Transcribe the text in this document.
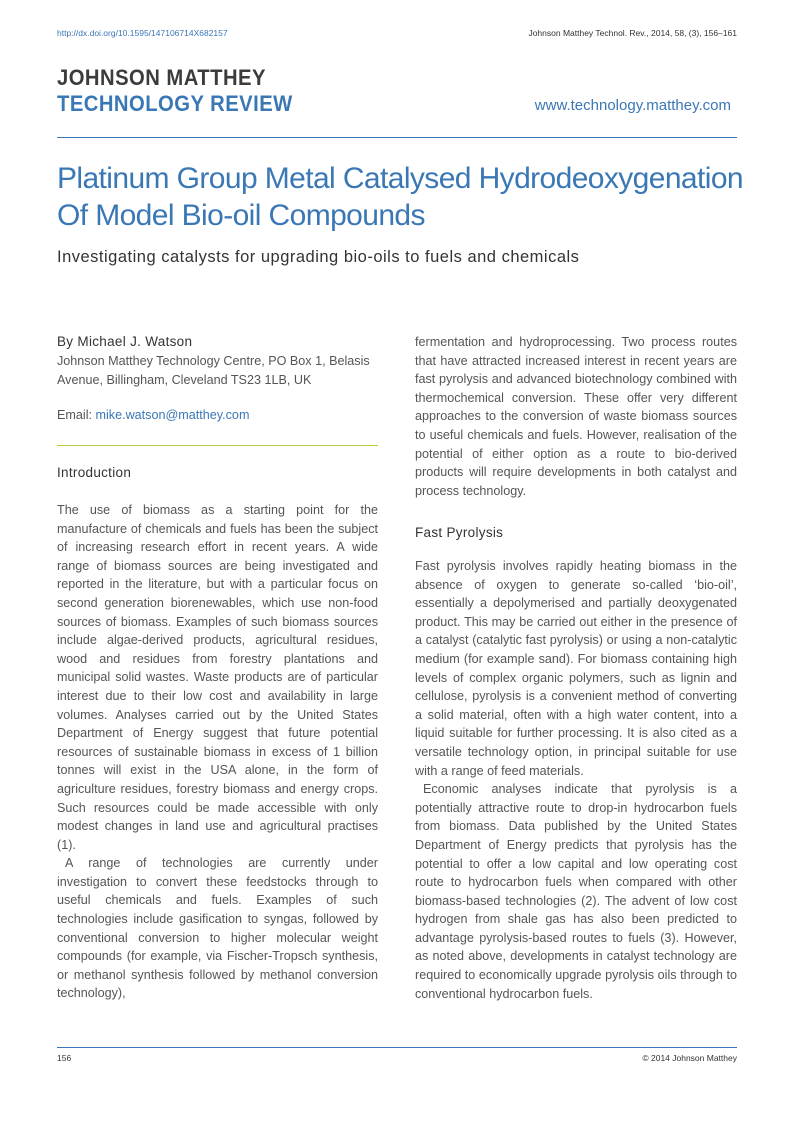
http://dx.doi.org/10.1595/147106714X682157	Johnson Matthey Technol. Rev., 2014, 58, (3), 156–161
JOHNSON MATTHEY
TECHNOLOGY REVIEW	www.technology.matthey.com
Platinum Group Metal Catalysed Hydrodeoxygenation Of Model Bio-oil Compounds
Investigating catalysts for upgrading bio-oils to fuels and chemicals
By Michael J. Watson
Johnson Matthey Technology Centre, PO Box 1, Belasis Avenue, Billingham, Cleveland TS23 1LB, UK
Email: mike.watson@matthey.com
Introduction

The use of biomass as a starting point for the manufacture of chemicals and fuels has been the subject of increasing research effort in recent years. A wide range of biomass sources are being investigated and reported in the literature, but with a particular focus on second generation biorenewables, which use non-food sources of biomass. Examples of such biomass sources include algae-derived products, agricultural residues, wood and residues from forestry plantations and municipal solid wastes. Waste products are of particular interest due to their low cost and availability in large volumes. Analyses carried out by the United States Department of Energy suggest that future potential resources of sustainable biomass in excess of 1 billion tonnes will exist in the USA alone, in the form of agriculture residues, forestry biomass and energy crops. Such resources could be made accessible with only modest changes in land use and agricultural practises (1).

A range of technologies are currently under investigation to convert these feedstocks through to useful chemicals and fuels. Examples of such technologies include gasification to syngas, followed by conventional conversion to higher molecular weight compounds (for example, via Fischer-Tropsch synthesis, or methanol synthesis followed by methanol conversion technology),

fermentation and hydroprocessing. Two process routes that have attracted increased interest in recent years are fast pyrolysis and advanced biotechnology combined with thermochemical conversion. These offer very different approaches to the conversion of waste biomass sources to useful chemicals and fuels. However, realisation of the potential of either option as a route to bio-derived products will require developments in both catalyst and process technology.

Fast Pyrolysis

Fast pyrolysis involves rapidly heating biomass in the absence of oxygen to generate so-called ‘bio-oil’, essentially a depolymerised and partially deoxygenated product. This may be carried out either in the presence of a catalyst (catalytic fast pyrolysis) or using a non-catalytic medium (for example sand). For biomass containing high levels of complex organic polymers, such as lignin and cellulose, pyrolysis is a convenient method of converting a solid material, often with a high water content, into a liquid suitable for further processing. It is also cited as a versatile technology option, in principal suitable for use with a range of feed materials.

Economic analyses indicate that pyrolysis is a potentially attractive route to drop-in hydrocarbon fuels from biomass. Data published by the United States Department of Energy predicts that pyrolysis has the potential to offer a low capital and low operating cost route to hydrocarbon fuels when compared with other biomass-based technologies (2). The advent of low cost hydrogen from shale gas has also been predicted to advantage pyrolysis-based routes to fuels (3). However, as noted above, developments in catalyst technology are required to economically upgrade pyrolysis oils through to conventional hydrocarbon fuels.

156	© 2014 Johnson Matthey
